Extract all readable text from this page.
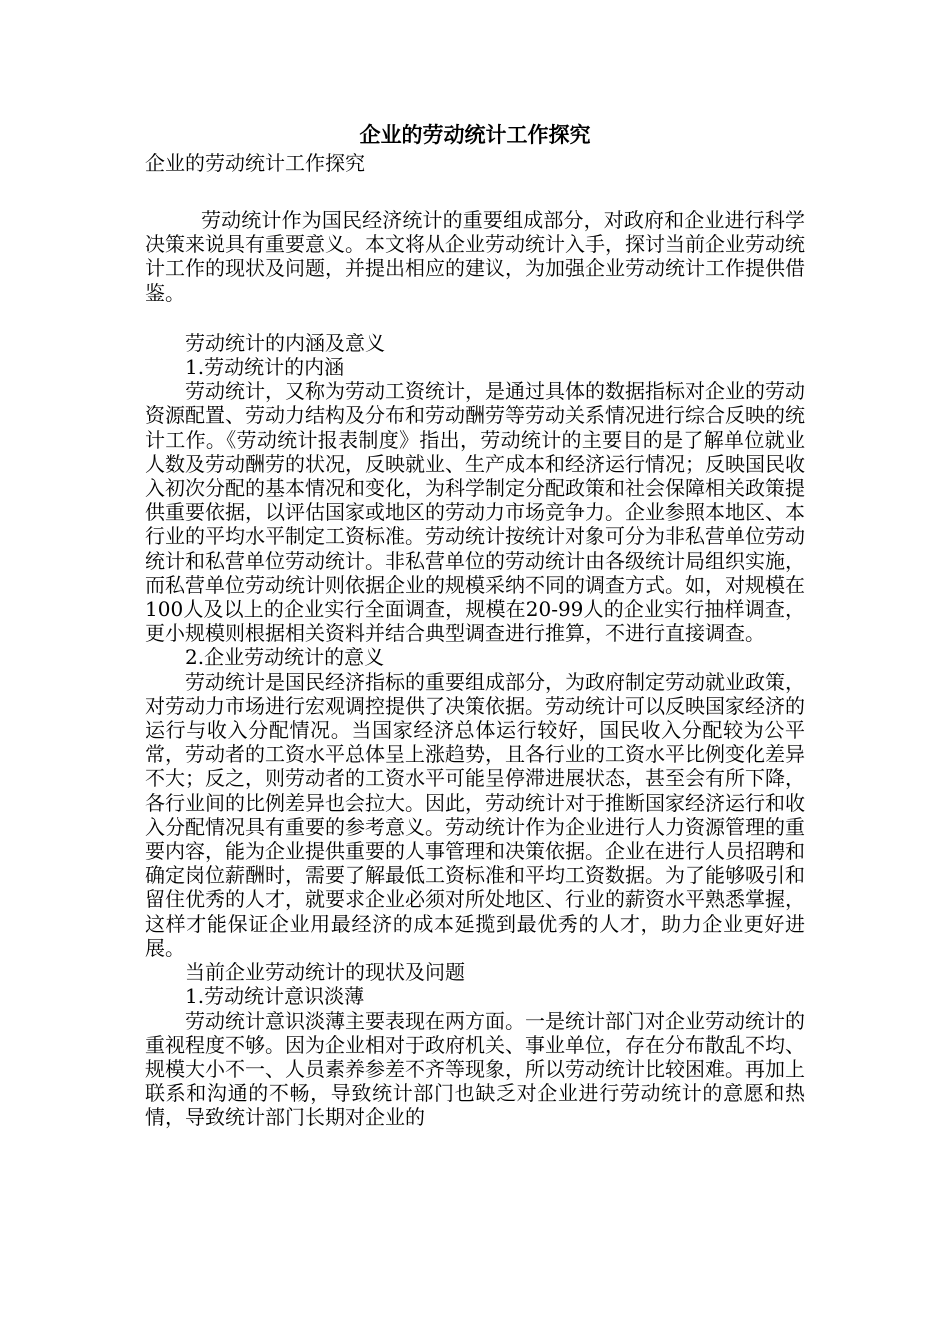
企业的劳动统计工作探究

企业的劳动统计工作探究

劳动统计作为国民经济统计的重要组成部分，对政府和企业进行科学决策来说具有重要意义。本文将从企业劳动统计入手，探讨当前企业劳动统计工作的现状及问题，并提出相应的建议，为加强企业劳动统计工作提供借鉴。

劳动统计的内涵及意义

1.劳动统计的内涵

劳动统计，又称为劳动工资统计，是通过具体的数据指标对企业的劳动资源配置、劳动力结构及分布和劳动酬劳等劳动关系情况进行综合反映的统计工作。《劳动统计报表制度》指出，劳动统计的主要目的是了解单位就业人数及劳动酬劳的状况，反映就业、生产成本和经济运行情况；反映国民收入初次分配的基本情况和变化，为科学制定分配政策和社会保障相关政策提供重要依据，以评估国家或地区的劳动力市场竞争力。企业参照本地区、本行业的平均水平制定工资标准。劳动统计按统计对象可分为非私营单位劳动统计和私营单位劳动统计。非私营单位的劳动统计由各级统计局组织实施，而私营单位劳动统计则依据企业的规模采纳不同的调查方式。如，对规模在100人及以上的企业实行全面调查，规模在20-99人的企业实行抽样调查，更小规模则根据相关资料并结合典型调查进行推算，不进行直接调查。

2.企业劳动统计的意义

劳动统计是国民经济指标的重要组成部分，为政府制定劳动就业政策，对劳动力市场进行宏观调控提供了决策依据。劳动统计可以反映国家经济的运行与收入分配情况。当国家经济总体运行较好，国民收入分配较为公平常，劳动者的工资水平总体呈上涨趋势，且各行业的工资水平比例变化差异不大；反之，则劳动者的工资水平可能呈停滞进展状态，甚至会有所下降，各行业间的比例差异也会拉大。因此，劳动统计对于推断国家经济运行和收入分配情况具有重要的参考意义。劳动统计作为企业进行人力资源管理的重要内容，能为企业提供重要的人事管理和决策依据。企业在进行人员招聘和确定岗位薪酬时，需要了解最低工资标准和平均工资数据。为了能够吸引和留住优秀的人才，就要求企业必须对所处地区、行业的薪资水平熟悉掌握，这样才能保证企业用最经济的成本延揽到最优秀的人才，助力企业更好进展。

当前企业劳动统计的现状及问题

1.劳动统计意识淡薄

劳动统计意识淡薄主要表现在两方面。一是统计部门对企业劳动统计的重视程度不够。因为企业相对于政府机关、事业单位，存在分布散乱不均、规模大小不一、人员素养参差不齐等现象，所以劳动统计比较困难。再加上联系和沟通的不畅，导致统计部门也缺乏对企业进行劳动统计的意愿和热情，导致统计部门长期对企业的
